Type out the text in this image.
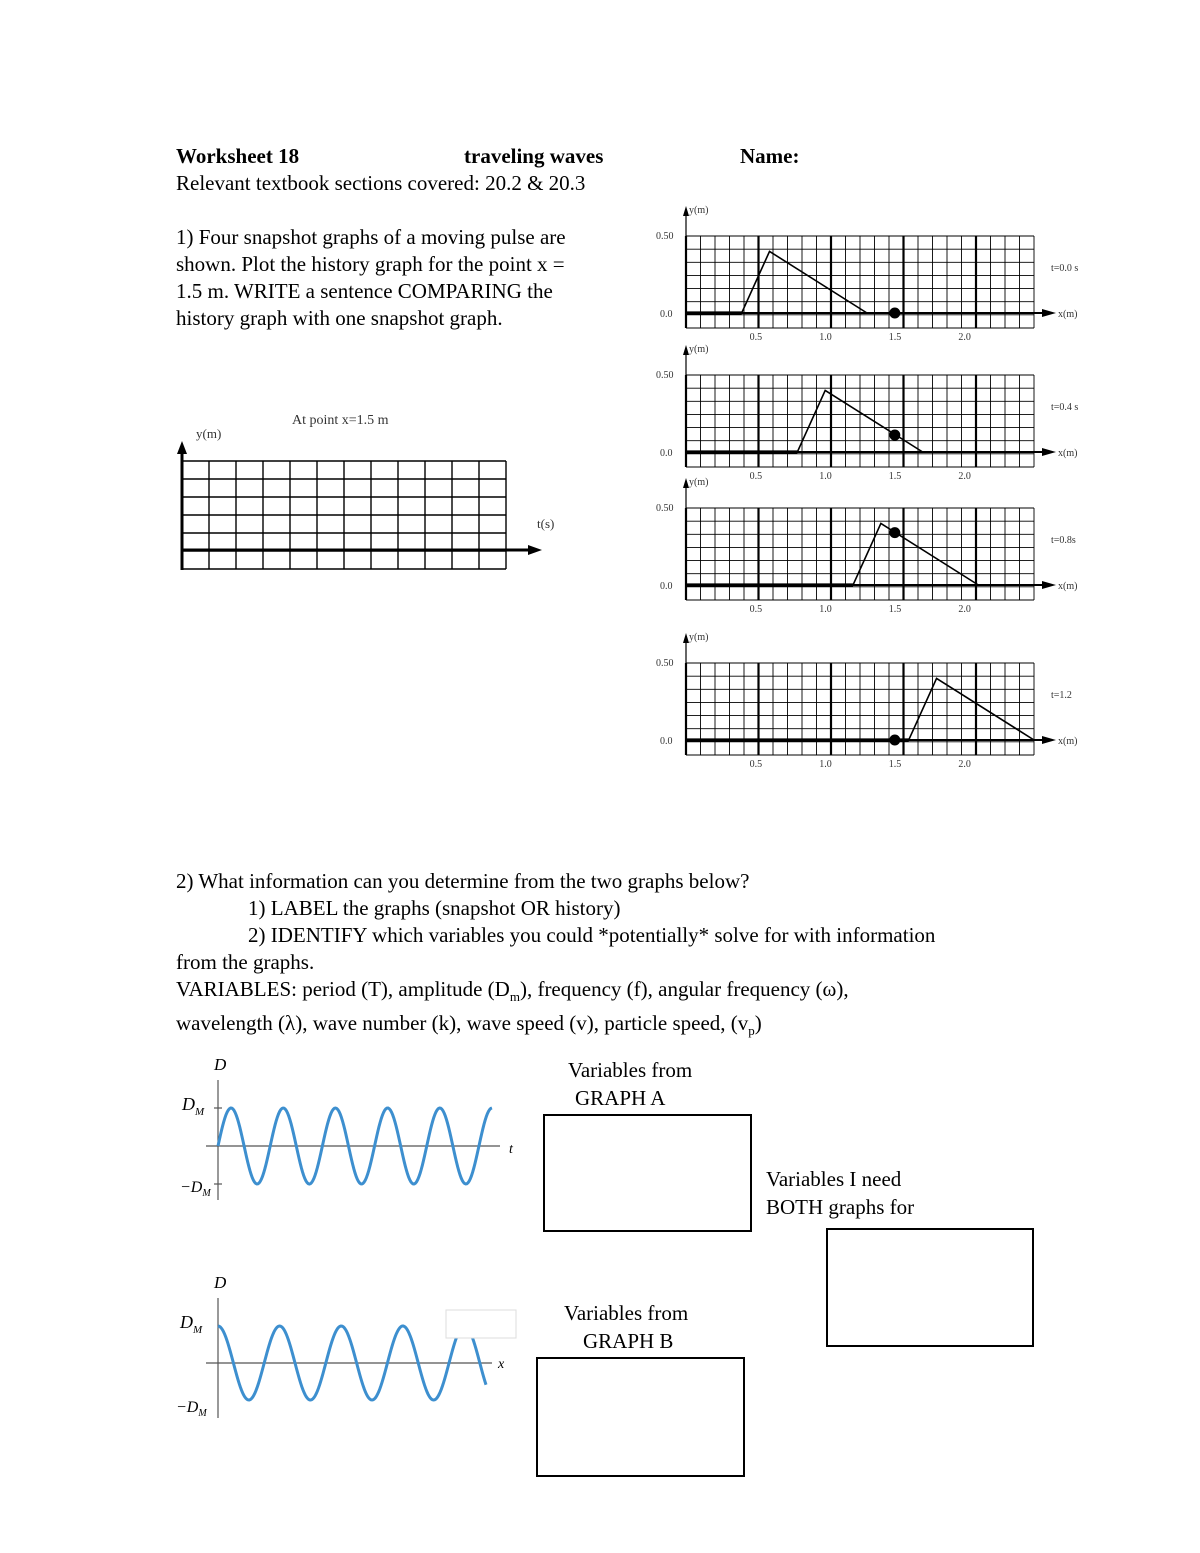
Worksheet 18	traveling waves	Name:
Relevant textbook sections covered: 20.2 & 20.3
1) Four snapshot graphs of a moving pulse are
shown. Plot the history graph for the point x =
1.5 m. WRITE a sentence COMPARING the
history graph with one snapshot graph.
At point x=1.5 m
y(m)
t(s)
y(m)
0.50
0.0
0.5	1.0	1.5	2.0
x(m)
t=0.0 s
y(m)
0.50
0.0
0.5	1.0	1.5	2.0
x(m)
t=0.4 s
y(m)
0.50
0.0
0.5	1.0	1.5	2.0
x(m)
t=0.8s
y(m)
0.50
0.0
0.5	1.0	1.5	2.0
x(m)
t=1.2
2) What information can you determine from the two graphs below?
1) LABEL the graphs (snapshot OR history)
2) IDENTIFY which variables you could *potentially* solve for with information
from the graphs.
VARIABLES: period (T), amplitude $(D_m)$, frequency (f), angular frequency (ω),
wavelength (λ), wave number (k), wave speed (v), particle speed, $(v_p)$
D
$D_M$
$-D_M$
t
D
$D_M$
$-D_M$
x
Variables from
GRAPH A
Variables I need
BOTH graphs for
Variables from
GRAPH B
